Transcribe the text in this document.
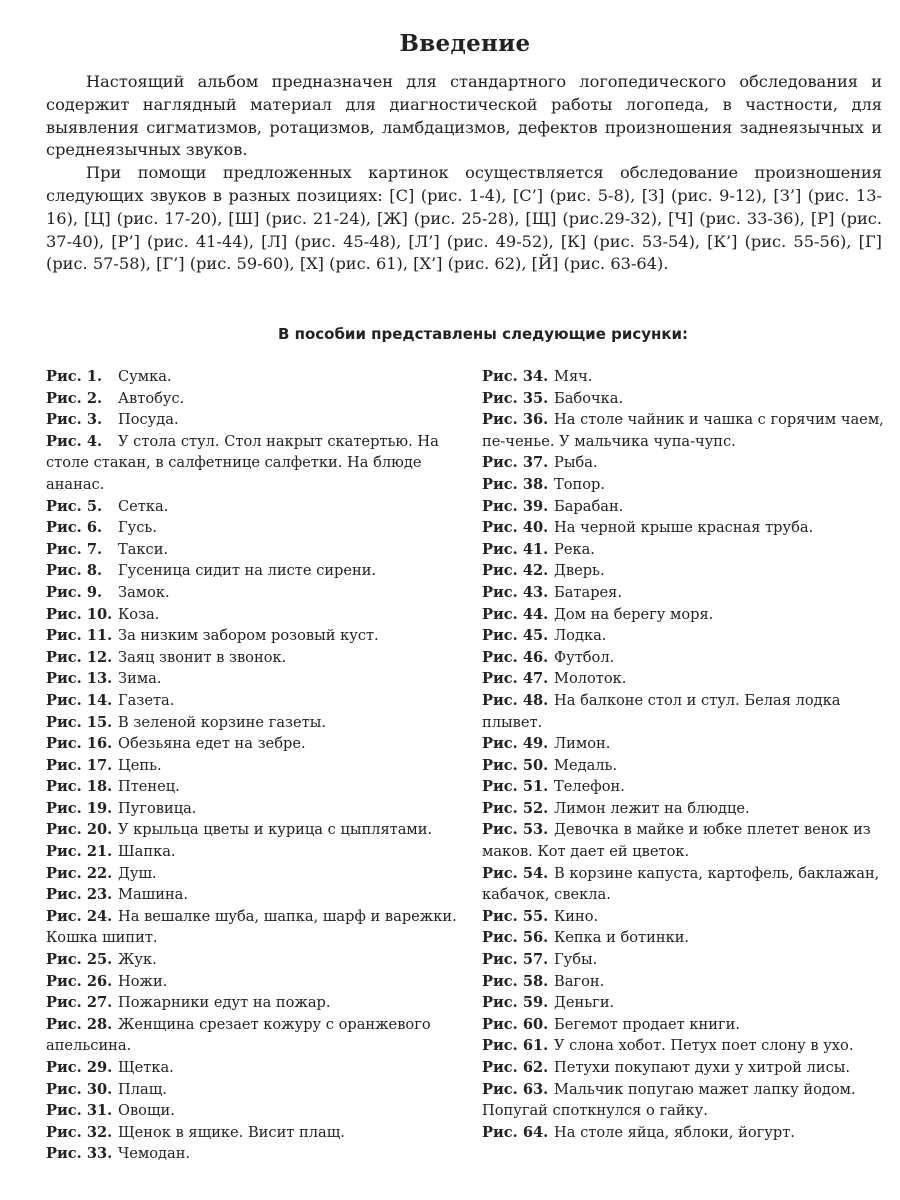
Введение

Настоящий альбом предназначен для стандартного логопедического обследования и содержит наглядный материал для диагностической работы логопеда, в частности, для выявления сигматизмов, ротацизмов, ламбдацизмов, дефектов произношения заднеязычных и среднеязычных звуков.

При помощи предложенных картинок осуществляется обследование произношения следующих звуков в разных позициях: [С] (рис. 1-4), [С’] (рис. 5-8), [З] (рис. 9-12), [З’] (рис. 13-16), [Ц] (рис. 17-20), [Ш] (рис. 21-24), [Ж] (рис. 25-28), [Щ] (рис.29-32), [Ч] (рис. 33-36), [Р] (рис. 37-40), [Р’] (рис. 41-44), [Л] (рис. 45-48), [Л’] (рис. 49-52), [К] (рис. 53-54), [К’] (рис. 55-56), [Г] (рис. 57-58), [Г’] (рис. 59-60), [Х] (рис. 61), [Х’] (рис. 62), [Й] (рис. 63-64).

В пособии представлены следующие рисунки:
Рис. 1. Сумка.
Рис. 2. Автобус.
Рис. 3. Посуда.
Рис. 4. У стола стул. Стол накрыт скатертью. На столе стакан, в салфетнице салфетки. На блюде ананас.
Рис. 5. Сетка.
Рис. 6. Гусь.
Рис. 7. Такси.
Рис. 8. Гусеница сидит на листе сирени.
Рис. 9. Замок.
Рис. 10. Коза.
Рис. 11. За низким забором розовый куст.
Рис. 12. Заяц звонит в звонок.
Рис. 13. Зима.
Рис. 14. Газета.
Рис. 15. В зеленой корзине газеты.
Рис. 16. Обезьяна едет на зебре.
Рис. 17. Цепь.
Рис. 18. Птенец.
Рис. 19. Пуговица.
Рис. 20. У крыльца цветы и курица с цыплятами.
Рис. 21. Шапка.
Рис. 22. Душ.
Рис. 23. Машина.
Рис. 24. На вешалке шуба, шапка, шарф и варежки. Кошка шипит.
Рис. 25. Жук.
Рис. 26. Ножи.
Рис. 27. Пожарники едут на пожар.
Рис. 28. Женщина срезает кожуру с оранжевого апельсина.
Рис. 29. Щетка.
Рис. 30. Плащ.
Рис. 31. Овощи.
Рис. 32. Щенок в ящике. Висит плащ.
Рис. 33. Чемодан.
Рис. 34. Мяч.
Рис. 35. Бабочка.
Рис. 36. На столе чайник и чашка с горячим чаем, пе-ченье. У мальчика чупа-чупс.
Рис. 37. Рыба.
Рис. 38. Топор.
Рис. 39. Барабан.
Рис. 40. На черной крыше красная труба.
Рис. 41. Река.
Рис. 42. Дверь.
Рис. 43. Батарея.
Рис. 44. Дом на берегу моря.
Рис. 45. Лодка.
Рис. 46. Футбол.
Рис. 47. Молоток.
Рис. 48. На балконе стол и стул. Белая лодка плывет.
Рис. 49. Лимон.
Рис. 50. Медаль.
Рис. 51. Телефон.
Рис. 52. Лимон лежит на блюдце.
Рис. 53. Девочка в майке и юбке плетет венок из маков. Кот дает ей цветок.
Рис. 54. В корзине капуста, картофель, баклажан, кабачок, свекла.
Рис. 55. Кино.
Рис. 56. Кепка и ботинки.
Рис. 57. Губы.
Рис. 58. Вагон.
Рис. 59. Деньги.
Рис. 60. Бегемот продает книги.
Рис. 61. У слона хобот. Петух поет слону в ухо.
Рис. 62. Петухи покупают духи у хитрой лисы.
Рис. 63. Мальчик попугаю мажет лапку йодом. Попугай споткнулся о гайку.
Рис. 64. На столе яйца, яблоки, йогурт.
